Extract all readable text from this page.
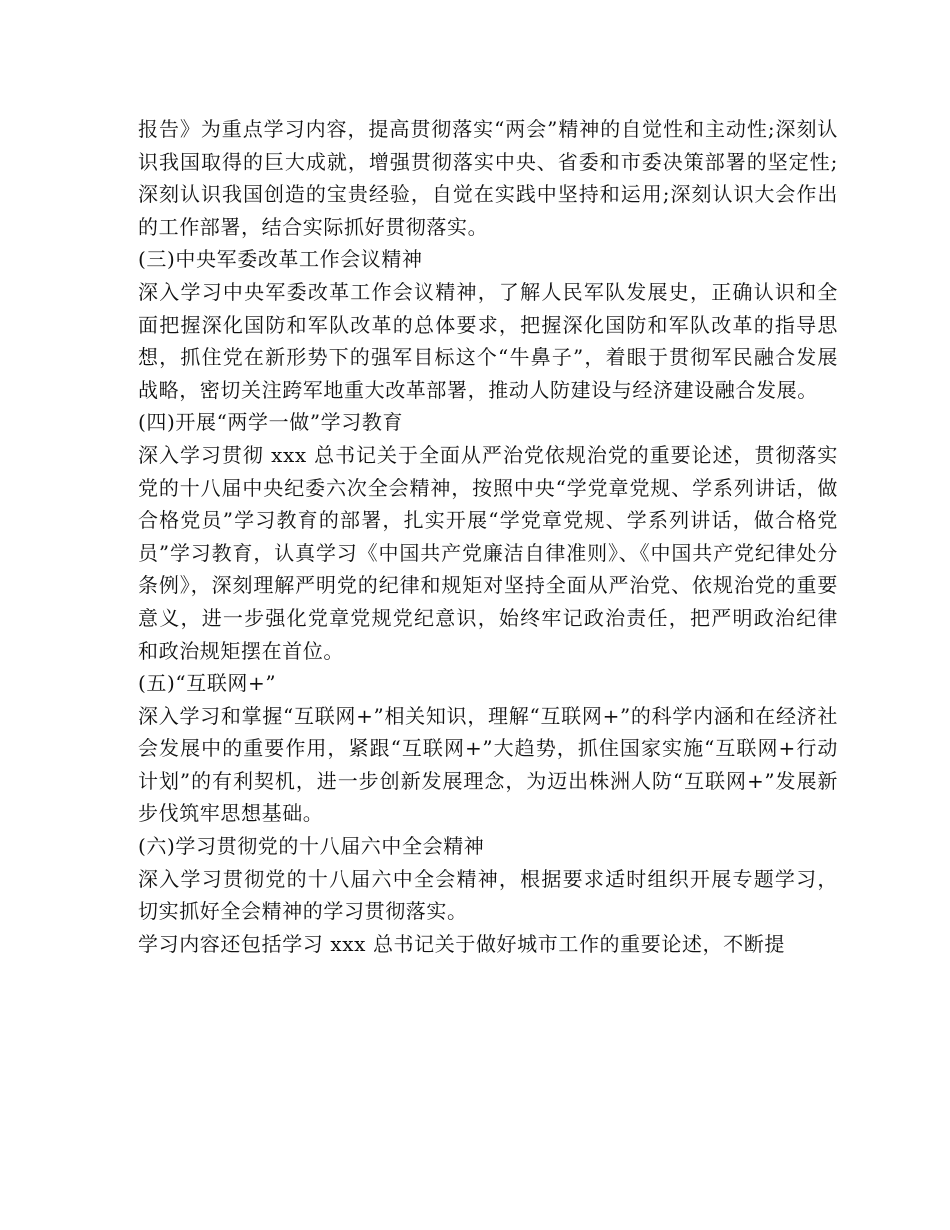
报告》为重点学习内容，提高贯彻落实“两会”精神的自觉性和主动性;深刻认识我国取得的巨大成就，增强贯彻落实中央、省委和市委决策部署的坚定性;深刻认识我国创造的宝贵经验，自觉在实践中坚持和运用;深刻认识大会作出的工作部署，结合实际抓好贯彻落实。

(三)中央军委改革工作会议精神

深入学习中央军委改革工作会议精神，了解人民军队发展史，正确认识和全面把握深化国防和军队改革的总体要求，把握深化国防和军队改革的指导思想，抓住党在新形势下的强军目标这个“牛鼻子”，着眼于贯彻军民融合发展战略，密切关注跨军地重大改革部署，推动人防建设与经济建设融合发展。

(四)开展“两学一做”学习教育

深入学习贯彻 xxx 总书记关于全面从严治党依规治党的重要论述，贯彻落实党的十八届中央纪委六次全会精神，按照中央“学党章党规、学系列讲话，做合格党员”学习教育的部署，扎实开展“学党章党规、学系列讲话，做合格党员”学习教育，认真学习《中国共产党廉洁自律准则》、《中国共产党纪律处分条例》，深刻理解严明党的纪律和规矩对坚持全面从严治党、依规治党的重要意义，进一步强化党章党规党纪意识，始终牢记政治责任，把严明政治纪律和政治规矩摆在首位。

(五)“互联网+”

深入学习和掌握“互联网+”相关知识，理解“互联网+”的科学内涵和在经济社会发展中的重要作用，紧跟“互联网+”大趋势，抓住国家实施“互联网+行动计划”的有利契机，进一步创新发展理念，为迈出株洲人防“互联网+”发展新步伐筑牢思想基础。

(六)学习贯彻党的十八届六中全会精神

深入学习贯彻党的十八届六中全会精神，根据要求适时组织开展专题学习，切实抓好全会精神的学习贯彻落实。

学习内容还包括学习 xxx 总书记关于做好城市工作的重要论述，不断提
